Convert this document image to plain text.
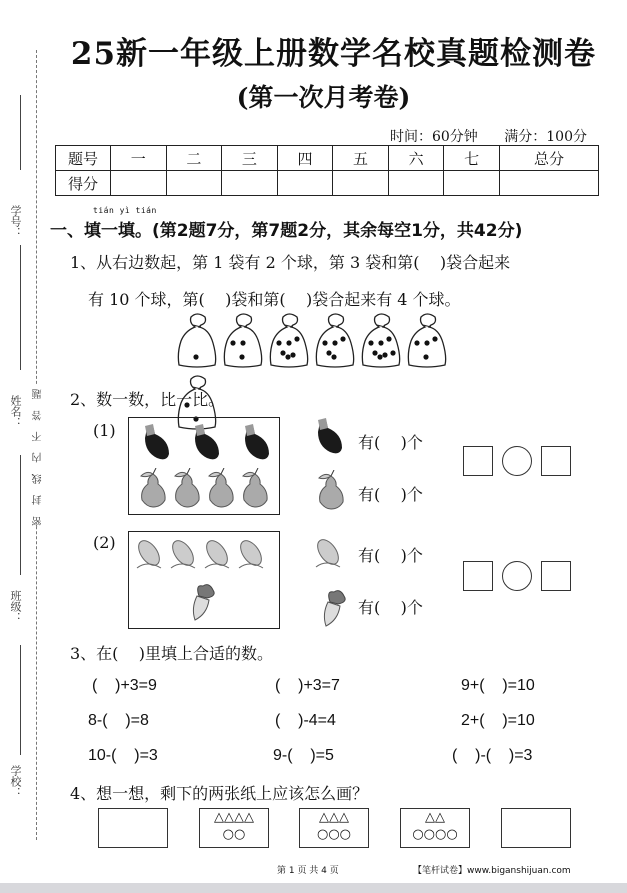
学号：
姓名：
班级：
学校：
密 封 线 内 不 答 题
25新一年级上册数学名校真题检测卷
(第一次月考卷)
时间：60分钟 满分：100分
题号	一	二	三	四	五	六	七	总分
得分								
tián yì tián
一、填一填。(第2题7分，第7题2分，其余每空1分，共42分)
1、从右边数起，第 1 袋有 2 个球，第 3 袋和第(    )袋合起来
有 10 个球，第(    )袋和第(    )袋合起来有 4 个球。
2、数一数，比一比。
(1)
有(    )个
有(    )个
(2)
有(    )个
有(    )个
3、在(    )里填上合适的数。
(    )+3=9	(    )+3=7	9+(    )=10
8-(    )=8	(    )-4=4	2+(    )=10
10-(    )=3	9-(    )=5	(    )-(    )=3
4、想一想，剩下的两张纸上应该怎么画？
△△△△
○○
△△△
○○○
△△
○○○○
第 1 页 共 4 页	【笔杆试卷】www.biganshijuan.com
